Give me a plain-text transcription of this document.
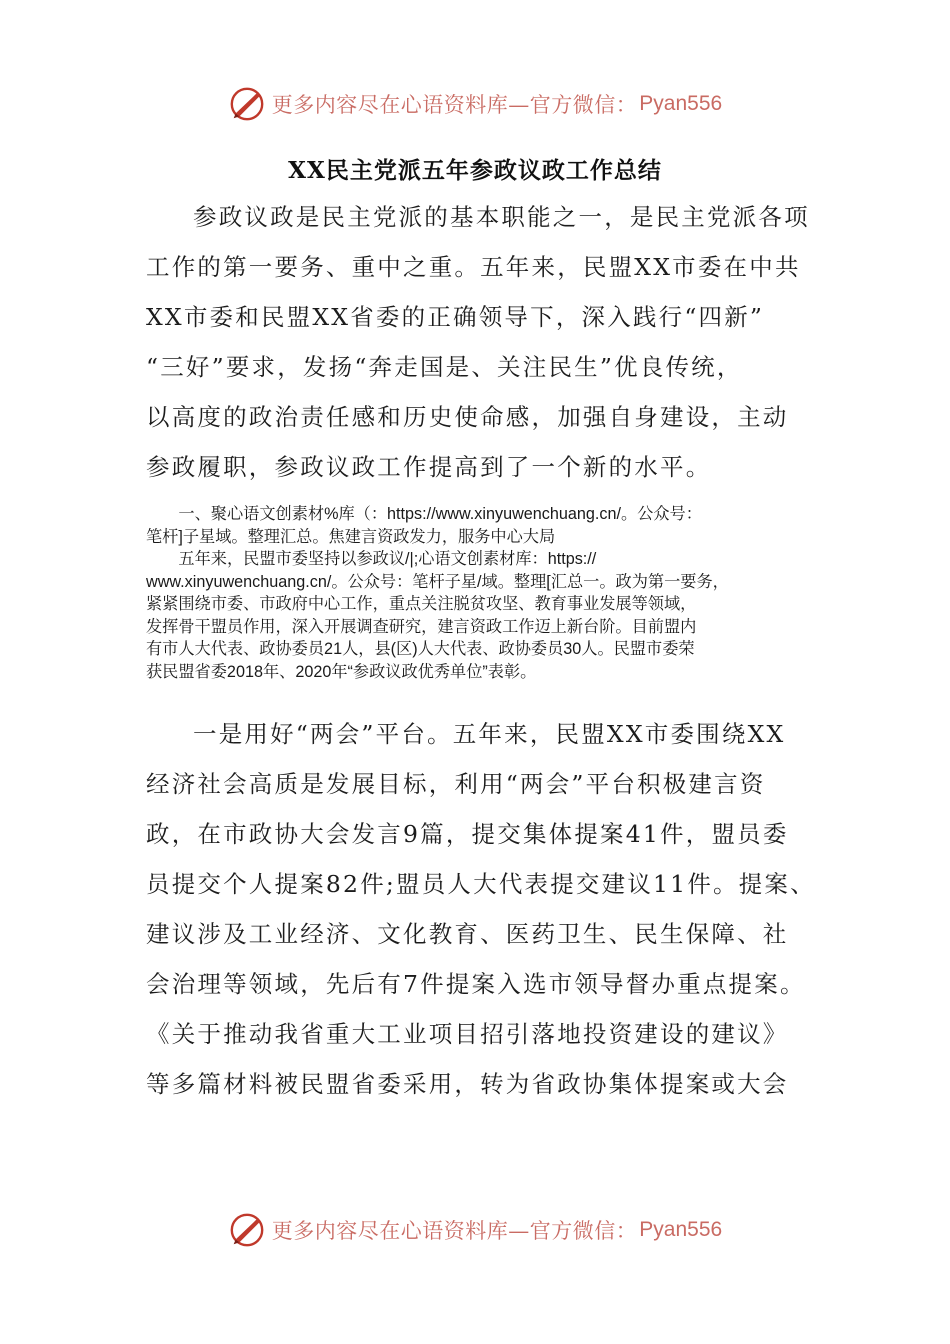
更多内容尽在心语资料库—官方微信： Pyan556
XX民主党派五年参政议政工作总结
参政议政是民主党派的基本职能之一，是民主党派各项
工作的第一要务、重中之重。五年来，民盟XX市委在中共
XX市委和民盟XX省委的正确领导下，深入践行“四新”
“三好”要求，发扬“奔走国是、关注民生”优良传统，
以高度的政治责任感和历史使命感，加强自身建设，主动
参政履职，参政议政工作提高到了一个新的水平。
一、聚心语文创素材%库（：https://www.xinyuwenchuang.cn/。公众号：
笔杆]子星域。整理汇总。焦建言资政发力，服务中心大局
五年来，民盟市委坚持以参政议/|;心语文创素材库：https://
www.xinyuwenchuang.cn/。公众号：笔杆子星/域。整理[汇总一。政为第一要务，
紧紧围绕市委、市政府中心工作，重点关注脱贫攻坚、教育事业发展等领域，
发挥骨干盟员作用，深入开展调查研究，建言资政工作迈上新台阶。目前盟内
有市人大代表、政协委员21人，县(区)人大代表、政协委员30人。民盟市委荣
获民盟省委2018年、2020年“参政议政优秀单位”表彰。
一是用好“两会”平台。五年来，民盟XX市委围绕XX
经济社会高质是发展目标，利用“两会”平台积极建言资
政，在市政协大会发言9篇，提交集体提案41件，盟员委
员提交个人提案82件;盟员人大代表提交建议11件。提案、
建议涉及工业经济、文化教育、医药卫生、民生保障、社
会治理等领域，先后有7件提案入选市领导督办重点提案。
《关于推动我省重大工业项目招引落地投资建设的建议》
等多篇材料被民盟省委采用，转为省政协集体提案或大会
更多内容尽在心语资料库—官方微信： Pyan556
